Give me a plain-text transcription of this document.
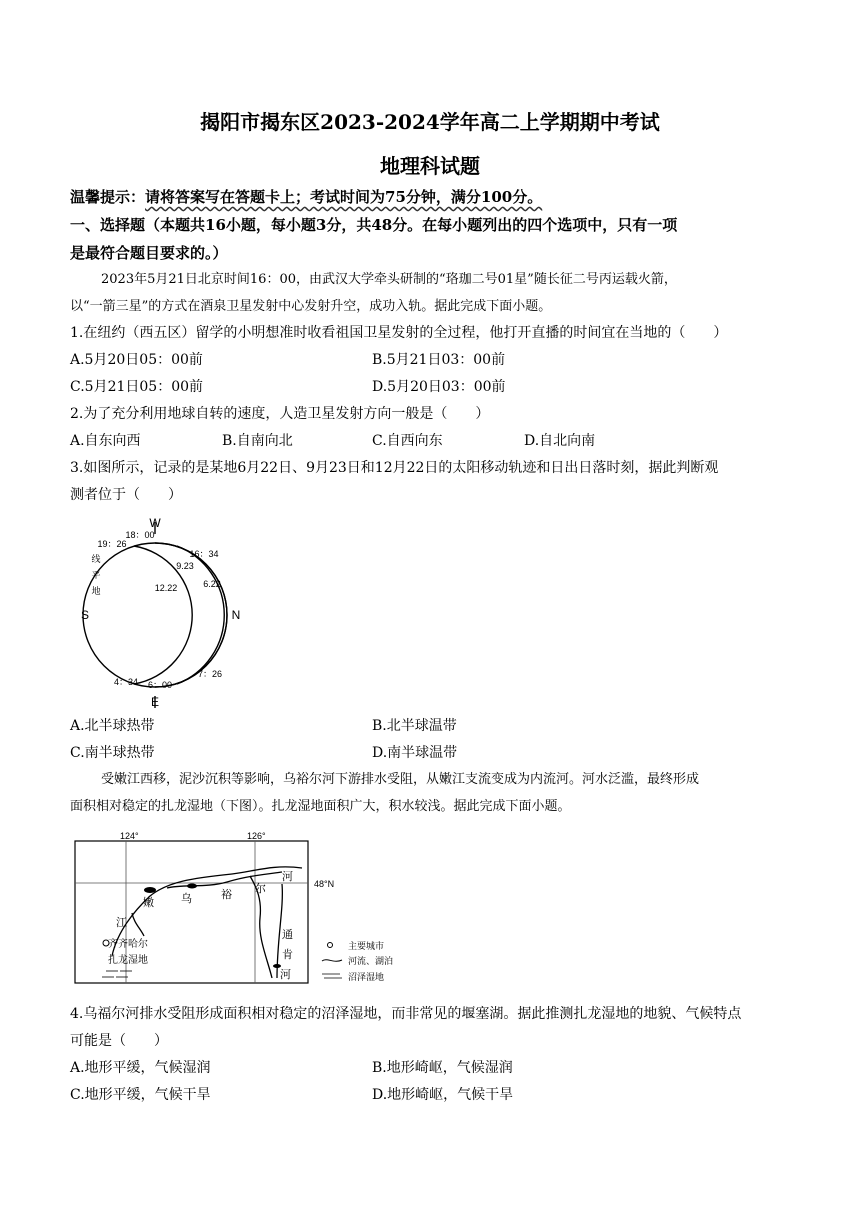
揭阳市揭东区2023-2024学年高二上学期期中考试
地理科试题
温馨提示：请将答案写在答题卡上；考试时间为75分钟，满分100分。
一、选择题（本题共16小题，每小题3分，共48分。在每小题列出的四个选项中，只有一项
是最符合题目要求的。）
2023年5月21日北京时间16：00，由武汉大学牵头研制的“珞珈二号01星”随长征二号丙运载火箭，
以“一箭三星”的方式在酒泉卫星发射中心发射升空，成功入轨。据此完成下面小题。
1.在纽约（西五区）留学的小明想准时收看祖国卫星发射的全过程，他打开直播的时间宜在当地的（　　）
A.5月20日05：00前	B.5月21日03：00前
C.5月21日05：00前	D.5月20日03：00前
2.为了充分利用地球自转的速度，人造卫星发射方向一般是（　　）
A.自东向西	B.自南向北	C.自西向东	D.自北向南
3.如图所示，记录的是某地6月22日、9月23日和12月22日的太阳移动轨迹和日出日落时刻，据此判断观
测者位于（　　）
W
18：00
19：26
16：34
线
平
地
9.23
12.22	6.22
S	N
7：26
4：34 6：00
E
A.北半球热带	B.北半球温带
C.南半球热带	D.南半球温带
受嫩江西移，泥沙沉积等影响，乌裕尔河下游排水受阻，从嫩江支流变成为内流河。河水泛滥，最终形成
面积相对稳定的扎龙湿地（下图）。扎龙湿地面积广大，积水较浅。据此完成下面小题。
124°	126°
48°N
嫩
江
乌	裕 尔
河
齐齐哈尔
扎龙湿地
通
肯
河
主要城市
河流、湖泊
沼泽湿地
4.乌福尔河排水受阻形成面积相对稳定的沼泽湿地，而非常见的堰塞湖。据此推测扎龙湿地的地貌、气候特点
可能是（　　）
A.地形平缓，气候湿润	B.地形崎岖，气候湿润
C.地形平缓，气候干旱	D.地形崎岖，气候干旱
